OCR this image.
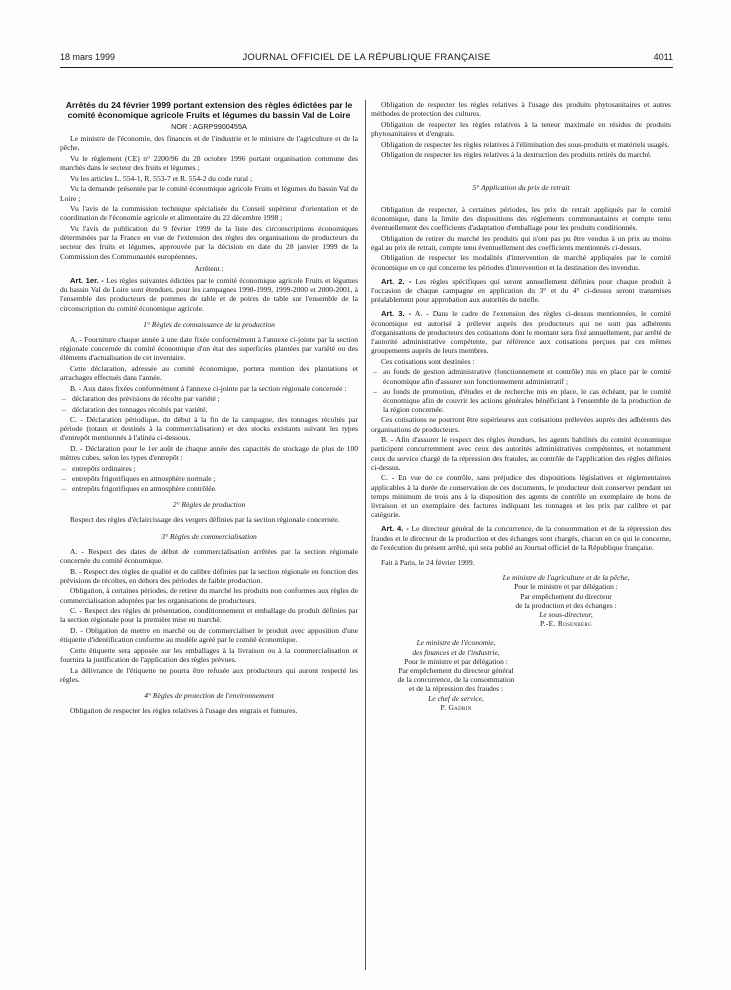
18 mars 1999	JOURNAL OFFICIEL DE LA RÉPUBLIQUE FRANÇAISE	4011
Arrêtés du 24 février 1999 portant extension des règles édictées par le comité économique agricole Fruits et légumes du bassin Val de Loire
NOR : AGRP9900455A

Le ministre de l'économie, des finances et de l'industrie et le ministre de l'agriculture et de la pêche,

Vu le règlement (CE) n° 2200/96 du 28 octobre 1996 portant organisation commune des marchés dans le secteur des fruits et légumes ;

Vu les articles L. 554-1, R. 553-7 et R. 554-2 du code rural ;

Vu la demande présentée par le comité économique agricole Fruits et légumes du bassin Val de Loire ;

Vu l'avis de la commission technique spécialisée du Conseil supérieur d'orientation et de coordination de l'économie agricole et alimentaire du 22 décembre 1998 ;

Vu l'avis de publication du 9 février 1999 de la liste des circonscriptions économiques déterminées par la France en vue de l'extension des règles des organisations de producteurs du secteur des fruits et légumes, approuvée par la décision en date du 28 janvier 1999 de la Commission des Communautés européennes,

Arrêtent :

Art. 1er. - Les règles suivantes édictées par le comité économique agricole Fruits et légumes du bassin Val de Loire sont étendues, pour les campagnes 1998-1999, 1999-2000 et 2000-2001, à l'ensemble des producteurs de pommes de table et de poires de table sur l'ensemble de la circonscription du comité économique agricole.

1° Règles de connaissance de la production

A. - Fourniture chaque année à une date fixée conformément à l'annexe ci-jointe par la section régionale concernée du comité économique d'un état des superficies plantées par variété ou des éléments d'actualisation de cet inventaire.

Cette déclaration, adressée au comité économique, portera mention des plantations et arrachages effectués dans l'année.

B. - Aux dates fixées conformément à l'annexe ci-jointe par la section régionale concernée :

– déclaration des prévisions de récolte par variété ;
– déclaration des tonnages récoltés par variété.

C. - Déclaration périodique, du début à la fin de la campagne, des tonnages récoltés par période (totaux et destinés à la commercialisation) et des stocks existants suivant les types d'entrepôt mentionnés à l'alinéa ci-dessous.

D. - Déclaration pour le 1er août de chaque année des capacités de stockage de plus de 100 mètres cubes, selon les types d'entrepôt :

– entrepôts ordinaires ;
– entrepôts frigorifiques en atmosphère normale ;
– entrepôts frigorifiques en atmosphère contrôlée.
2° Règles de production

Respect des règles d'éclaircissage des vergers définies par la section régionale concernée.

3° Règles de commercialisation

A. - Respect des dates de début de commercialisation arrêtées par la section régionale concernée du comité économique.

B. - Respect des règles de qualité et de calibre définies par la section régionale en fonction des prévisions de récoltes, en dehors des périodes de faible production.

Obligation, à certaines périodes, de retirer du marché les produits non conformes aux règles de commercialisation adoptées par les organisations de producteurs.

C. - Respect des règles de présentation, conditionnement et emballage du produit définies par la section régionale pour la première mise en marché.

D. - Obligation de mettre en marché ou de commercialiser le produit avec apposition d'une étiquette d'identification conforme au modèle agréé par le comité économique.

Cette étiquette sera apposée sur les emballages à la livraison ou à la commercialisation et fournira la justification de l'application des règles prévues.

La délivrance de l'étiquette ne pourra être refusée aux producteurs qui auront respecté les règles.

4° Règles de protection de l'environnement

Obligation de respecter les règles relatives à l'usage des engrais et fumures.

Obligation de respecter les règles relatives à l'usage des produits phytosanitaires et autres méthodes de protection des cultures.

Obligation de respecter les règles relatives à la teneur maximale en résidus de produits phytosanitaires et d'engrais.

Obligation de respecter les règles relatives à l'élimination des sous-produits et matériels usagés.

Obligation de respecter les règles relatives à la destruction des produits retirés du marché.

5° Application du prix de retrait

Obligation de respecter, à certaines périodes, les prix de retrait appliqués par le comité économique, dans la limite des dispositions des règlements communautaires et compte tenu éventuellement des coefficients d'adaptation d'emballage pour les produits conditionnés.

Obligation de retirer du marché les produits qui n'ont pas pu être vendus à un prix au moins égal au prix de retrait, compte tenu éventuellement des coefficients mentionnés ci-dessus.

Obligation de respecter les modalités d'intervention de marché appliquées par le comité économique en ce qui concerne les périodes d'intervention et la destination des invendus.

Art. 2. - Les règles spécifiques qui seront annuellement définies pour chaque produit à l'occasion de chaque campagne en application du 3° et du 4° ci-dessus seront transmises préalablement pour approbation aux autorités de tutelle.

Art. 3. - A. - Dans le cadre de l'extension des règles ci-dessus mentionnées, le comité économique est autorisé à prélever auprès des producteurs qui ne sont pas adhérents d'organisations de producteurs des cotisations dont le montant sera fixé annuellement, par arrêté de l'autorité administrative compétente, par référence aux cotisations perçues par ces mêmes groupements auprès de leurs membres.

Ces cotisations sont destinées :

– au fonds de gestion administrative (fonctionnement et contrôle) mis en place par le comité économique afin d'assurer son fonctionnement administratif ;
– au fonds de promotion, d'études et de recherche mis en place, le cas échéant, par le comité économique afin de couvrir les actions générales bénéficiant à l'ensemble de la production de la région concernée.

Ces cotisations ne pourront être supérieures aux cotisations prélevées auprès des adhérents des organisations de producteurs.

B. - Afin d'assurer le respect des règles étendues, les agents habilités du comité économique participent concurremment avec ceux des autorités administratives compétentes, et notamment ceux du service chargé de la répression des fraudes, au contrôle de l'application des règles définies ci-dessus.

C. - En vue de ce contrôle, sans préjudice des dispositions législatives et réglementaires applicables à la durée de conservation de ces documents, le producteur doit conserver pendant un temps minimum de trois ans à la disposition des agents de contrôle un exemplaire de bons de livraison et un exemplaire des factures indiquant les tonnages et les prix par calibre et par catégorie.

Art. 4. - Le directeur général de la concurrence, de la consommation et de la répression des fraudes et le directeur de la production et des échanges sont chargés, chacun en ce qui le concerne, de l'exécution du présent arrêté, qui sera publié au Journal officiel de la République française.

Fait à Paris, le 24 février 1999.

Le ministre de l'agriculture et de la pêche,
Pour le ministre et par délégation :
Par empêchement du directeur
de la production et des échanges :
Le sous-directeur,
P.-E. Rosenberg
Le ministre de l'économie,
des finances et de l'industrie,
Pour le ministre et par délégation :
Par empêchement du directeur général
de la concurrence, de la consommation
et de la répression des fraudes :
Le chef de service,
P. Gadrin
